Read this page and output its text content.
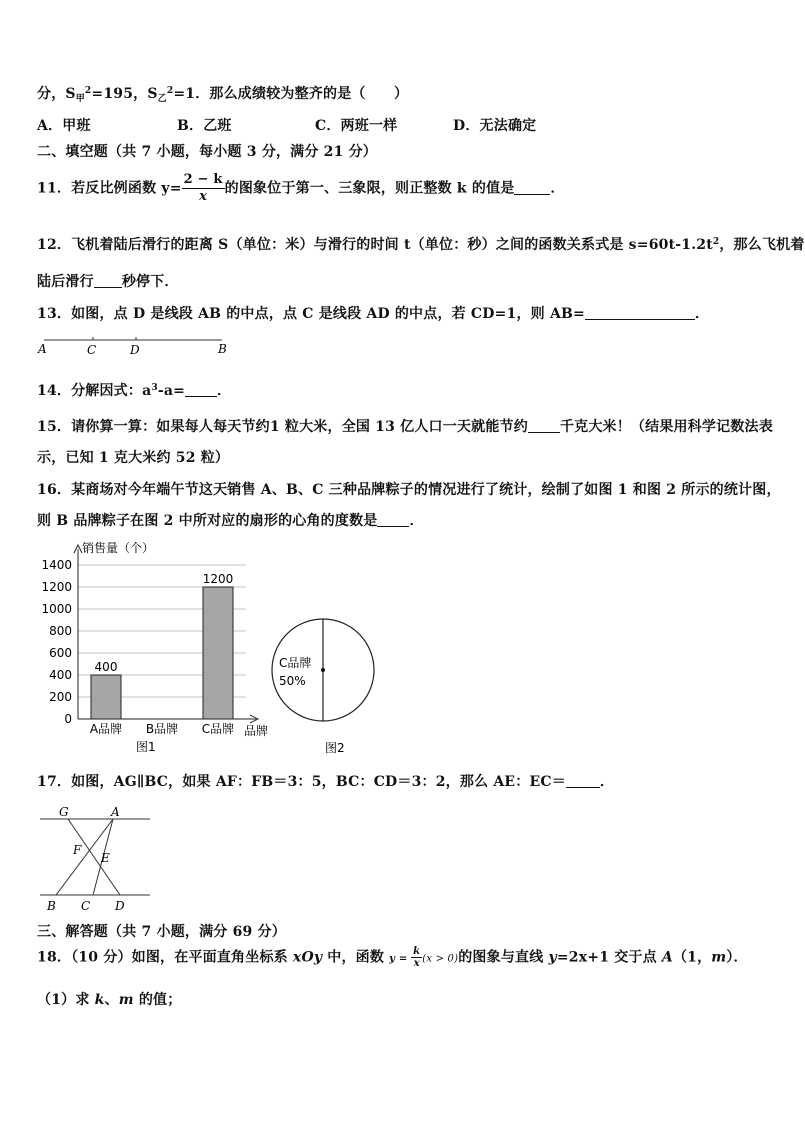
分，$S_甲^2=195$，$S_乙^2=1$．那么成绩较为整齐的是（　　）
A．甲班	B．乙班	C．两班一样	D．无法确定
二、填空题（共 7 小题，每小题 3 分，满分 21 分）
11．若反比例函数 $y= \frac{2 - k}{x}$ 的图象位于第一、三象限，则正整数 k 的值是	．
12．飞机着陆后滑行的距离 S（单位：米）与滑行的时间 t（单位：秒）之间的函数关系式是 $s=60t-1.2t^2$，那么飞机着
陆后滑行 秒停下．
13．如图，点 D 是线段 AB 的中点，点 C 是线段 AD 的中点，若 CD=1，则 AB=	．
A	C	D	B
14．分解因式：$a^3-a=$ ．
15．请你算一算：如果每人每天节约1 粒大米，全国 13 亿人口一天就能节约 千克大米！（结果用科学记数法表
示，已知 1 克大米约 52 粒）
16．某商场对今年端午节这天销售 A、B、C 三种品牌粽子的情况进行了统计，绘制了如图 1 和图 2 所示的统计图，
则 B 品牌粽子在图 2 中所对应的扇形的心角的度数是 ．
0
200
400
600
800
1000
1200
1400
销售量（个）
400
A品牌 B品牌
1200
C品牌 品牌
图1
C品牌
50%
图2
17．如图，AG∥BC，如果 AF：FB＝3：5，BC：CD＝3：2，那么 AE：EC＝ ．
G	A
F
E
B C D
三、解答题（共 7 小题，满分 69 分）
18．（10 分）如图，在平面直角坐标系 xOy 中，函数 $y = \frac{k}{x} (x > 0)$的图象与直线 y=2x+1 交于点 A（1，m）．
（1）求 k、m 的值；
